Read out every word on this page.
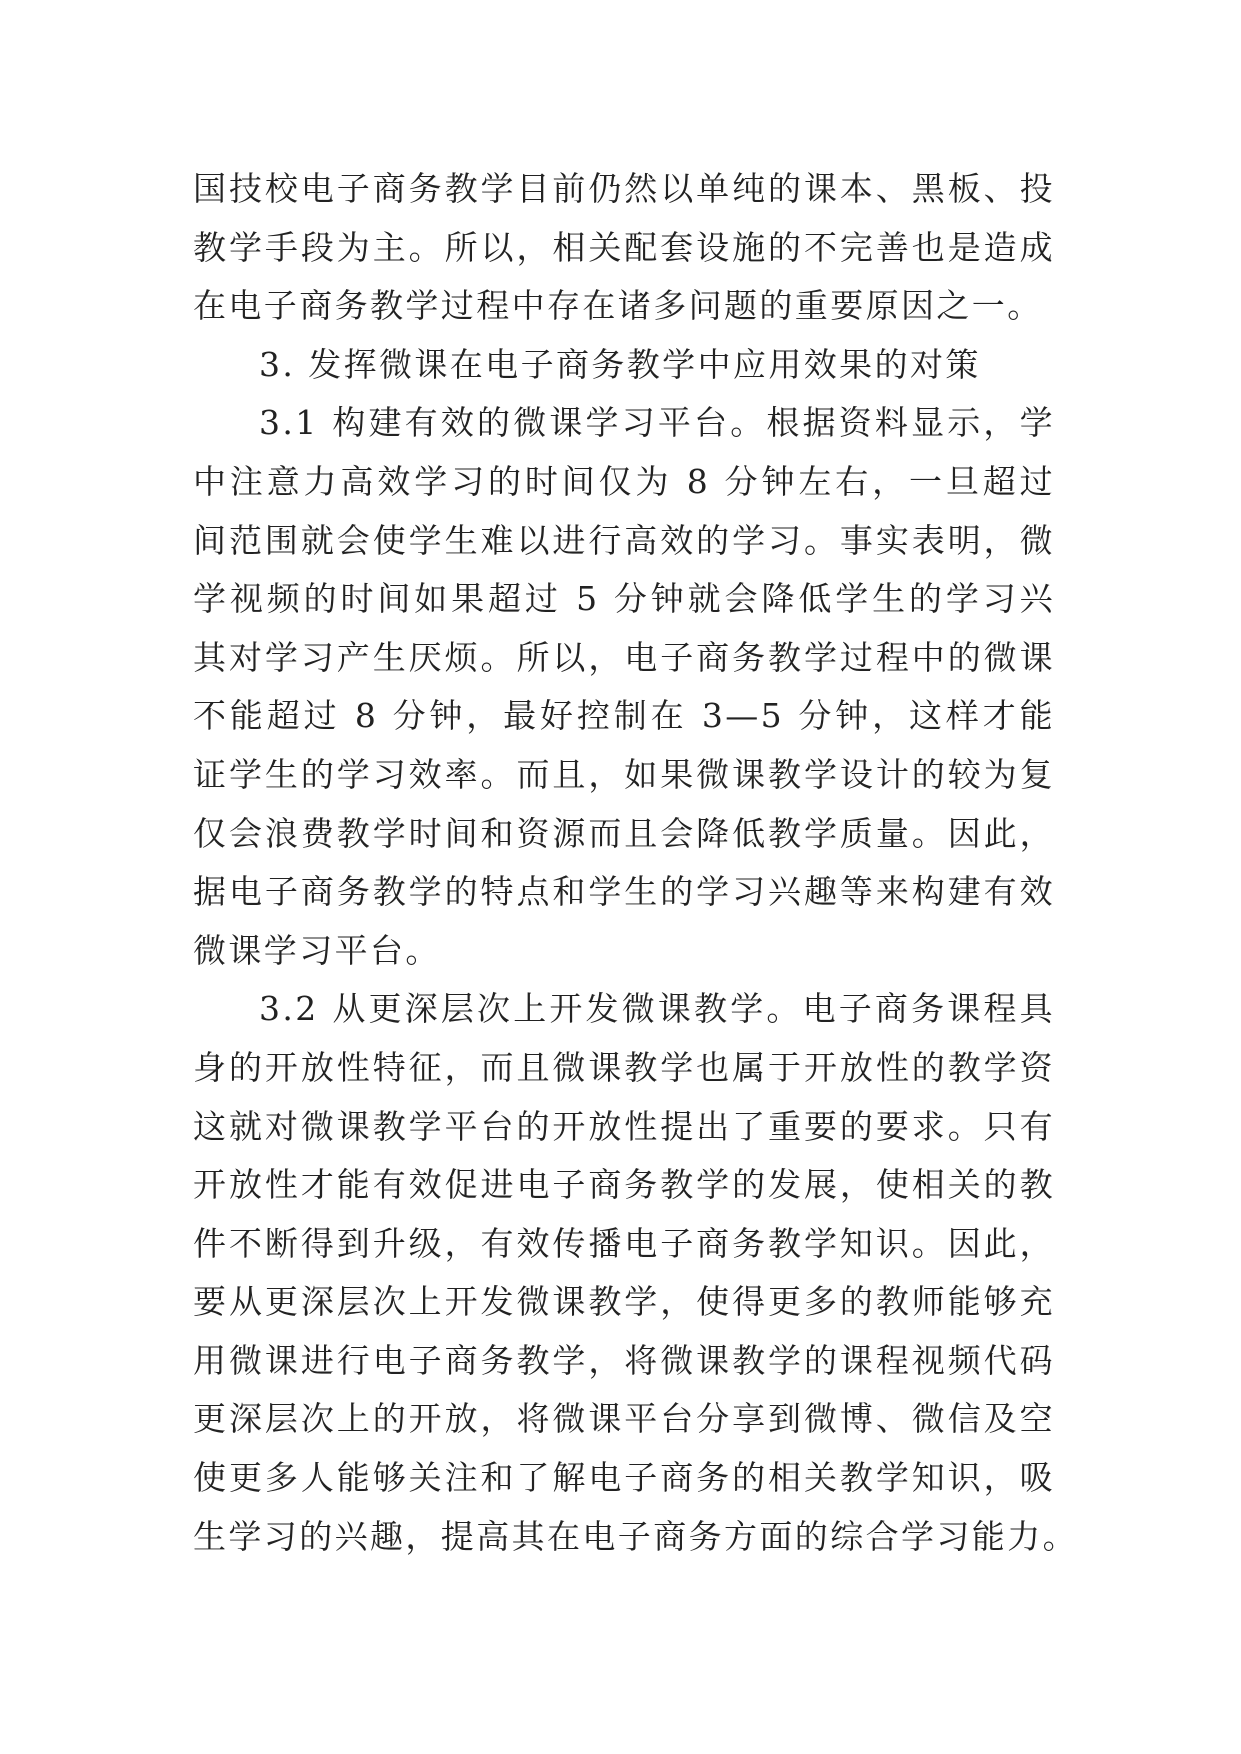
国技校电子商务教学目前仍然以单纯的课本、黑板、投
教学手段为主。所以，相关配套设施的不完善也是造成
在电子商务教学过程中存在诸多问题的重要原因之一。
3. 发挥微课在电子商务教学中应用效果的对策
3.1 构建有效的微课学习平台。根据资料显示，学
中注意力高效学习的时间仅为 8 分钟左右，一旦超过
间范围就会使学生难以进行高效的学习。事实表明，微
学视频的时间如果超过 5 分钟就会降低学生的学习兴
其对学习产生厌烦。所以，电子商务教学过程中的微课
不能超过 8 分钟，最好控制在 3—5 分钟，这样才能
证学生的学习效率。而且，如果微课教学设计的较为复
仅会浪费教学时间和资源而且会降低教学质量。因此，
据电子商务教学的特点和学生的学习兴趣等来构建有效
微课学习平台。
3.2 从更深层次上开发微课教学。电子商务课程具
身的开放性特征，而且微课教学也属于开放性的教学资
这就对微课教学平台的开放性提出了重要的要求。只有
开放性才能有效促进电子商务教学的发展，使相关的教
件不断得到升级，有效传播电子商务教学知识。因此，
要从更深层次上开发微课教学，使得更多的教师能够充
用微课进行电子商务教学，将微课教学的课程视频代码
更深层次上的开放，将微课平台分享到微博、微信及空
使更多人能够关注和了解电子商务的相关教学知识，吸
生学习的兴趣，提高其在电子商务方面的综合学习能力。
